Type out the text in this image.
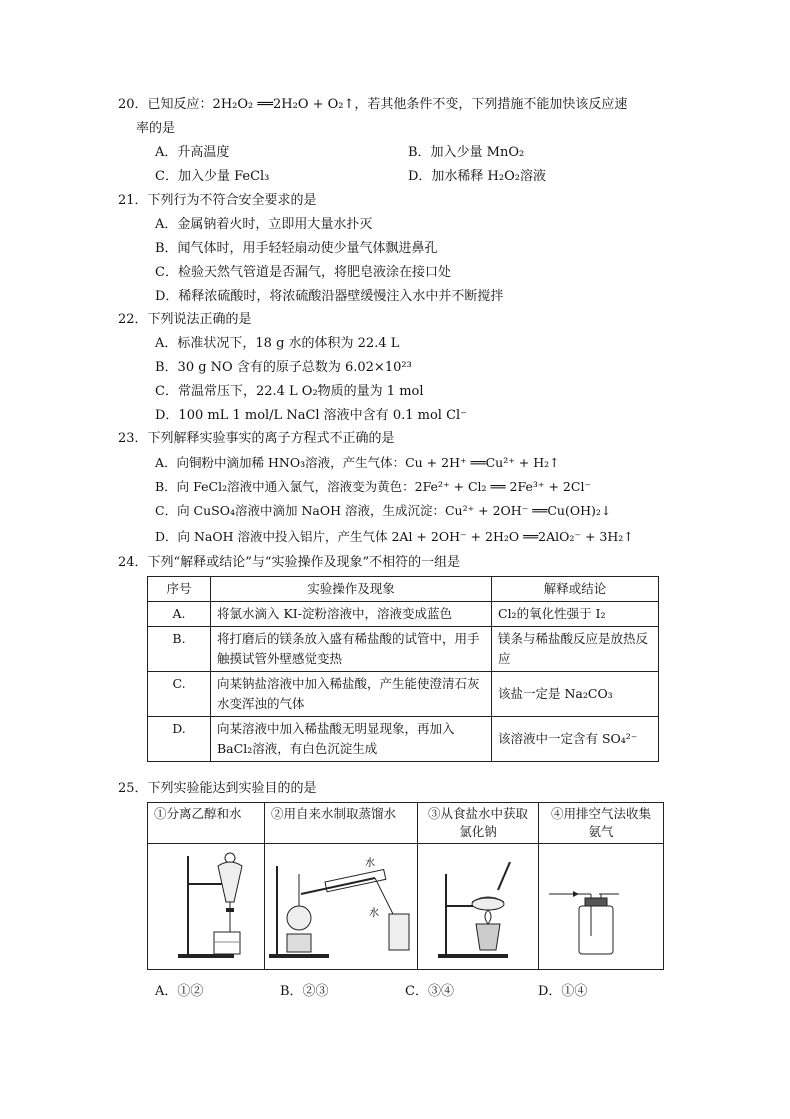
20．已知反应：2H₂O₂ ══2H₂O + O₂↑，若其他条件不变，下列措施不能加快该反应速
率的是
A．升高温度	B．加入少量 MnO₂
C．加入少量 FeCl₃	D．加水稀释 H₂O₂溶液
21．下列行为不符合安全要求的是
A．金属钠着火时，立即用大量水扑灭
B．闻气体时，用手轻轻扇动使少量气体飘进鼻孔
C．检验天然气管道是否漏气，将肥皂液涂在接口处
D．稀释浓硫酸时，将浓硫酸沿器壁缓慢注入水中并不断搅拌
22．下列说法正确的是
A．标准状况下，18 g 水的体积为 22.4 L
B．30 g NO 含有的原子总数为 6.02×10²³
C．常温常压下，22.4 L O₂物质的量为 1 mol
D．100 mL 1 mol/L NaCl 溶液中含有 0.1 mol Cl⁻
23．下列解释实验事实的离子方程式不正确的是
A．向铜粉中滴加稀 HNO₃溶液，产生气体：Cu + 2H⁺ ══Cu²⁺ + H₂↑
B．向 FeCl₂溶液中通入氯气，溶液变为黄色：2Fe²⁺ + Cl₂ ══ 2Fe³⁺ + 2Cl⁻
C．向 CuSO₄溶液中滴加 NaOH 溶液，生成沉淀：Cu²⁺ + 2OH⁻ ══Cu(OH)₂↓
D．向 NaOH 溶液中投入铝片，产生气体 2Al + 2OH⁻ + 2H₂O ══2AlO₂⁻ + 3H₂↑
24．下列“解释或结论”与“实验操作及现象”不相符的一组是
序号	实验操作及现象	解释或结论
A.	将氯水滴入 KI-淀粉溶液中，溶液变成蓝色	Cl₂的氧化性强于 I₂
B.	将打磨后的镁条放入盛有稀盐酸的试管中，用手触摸试管外壁感觉变热	镁条与稀盐酸反应是放热反应
C.	向某钠盐溶液中加入稀盐酸，产生能使澄清石灰水变浑浊的气体	该盐一定是 Na₂CO₃
D.	向某溶液中加入稀盐酸无明显现象，再加入 BaCl₂溶液，有白色沉淀生成	该溶液中一定含有 SO₄²⁻
25．下列实验能达到实验目的的是
①分离乙醇和水	②用自来水制取蒸馏水	③从食盐水中获取氯化钠	④用排空气法收集氨气

水
水

A．①②	B．②③	C．③④	D．①④
